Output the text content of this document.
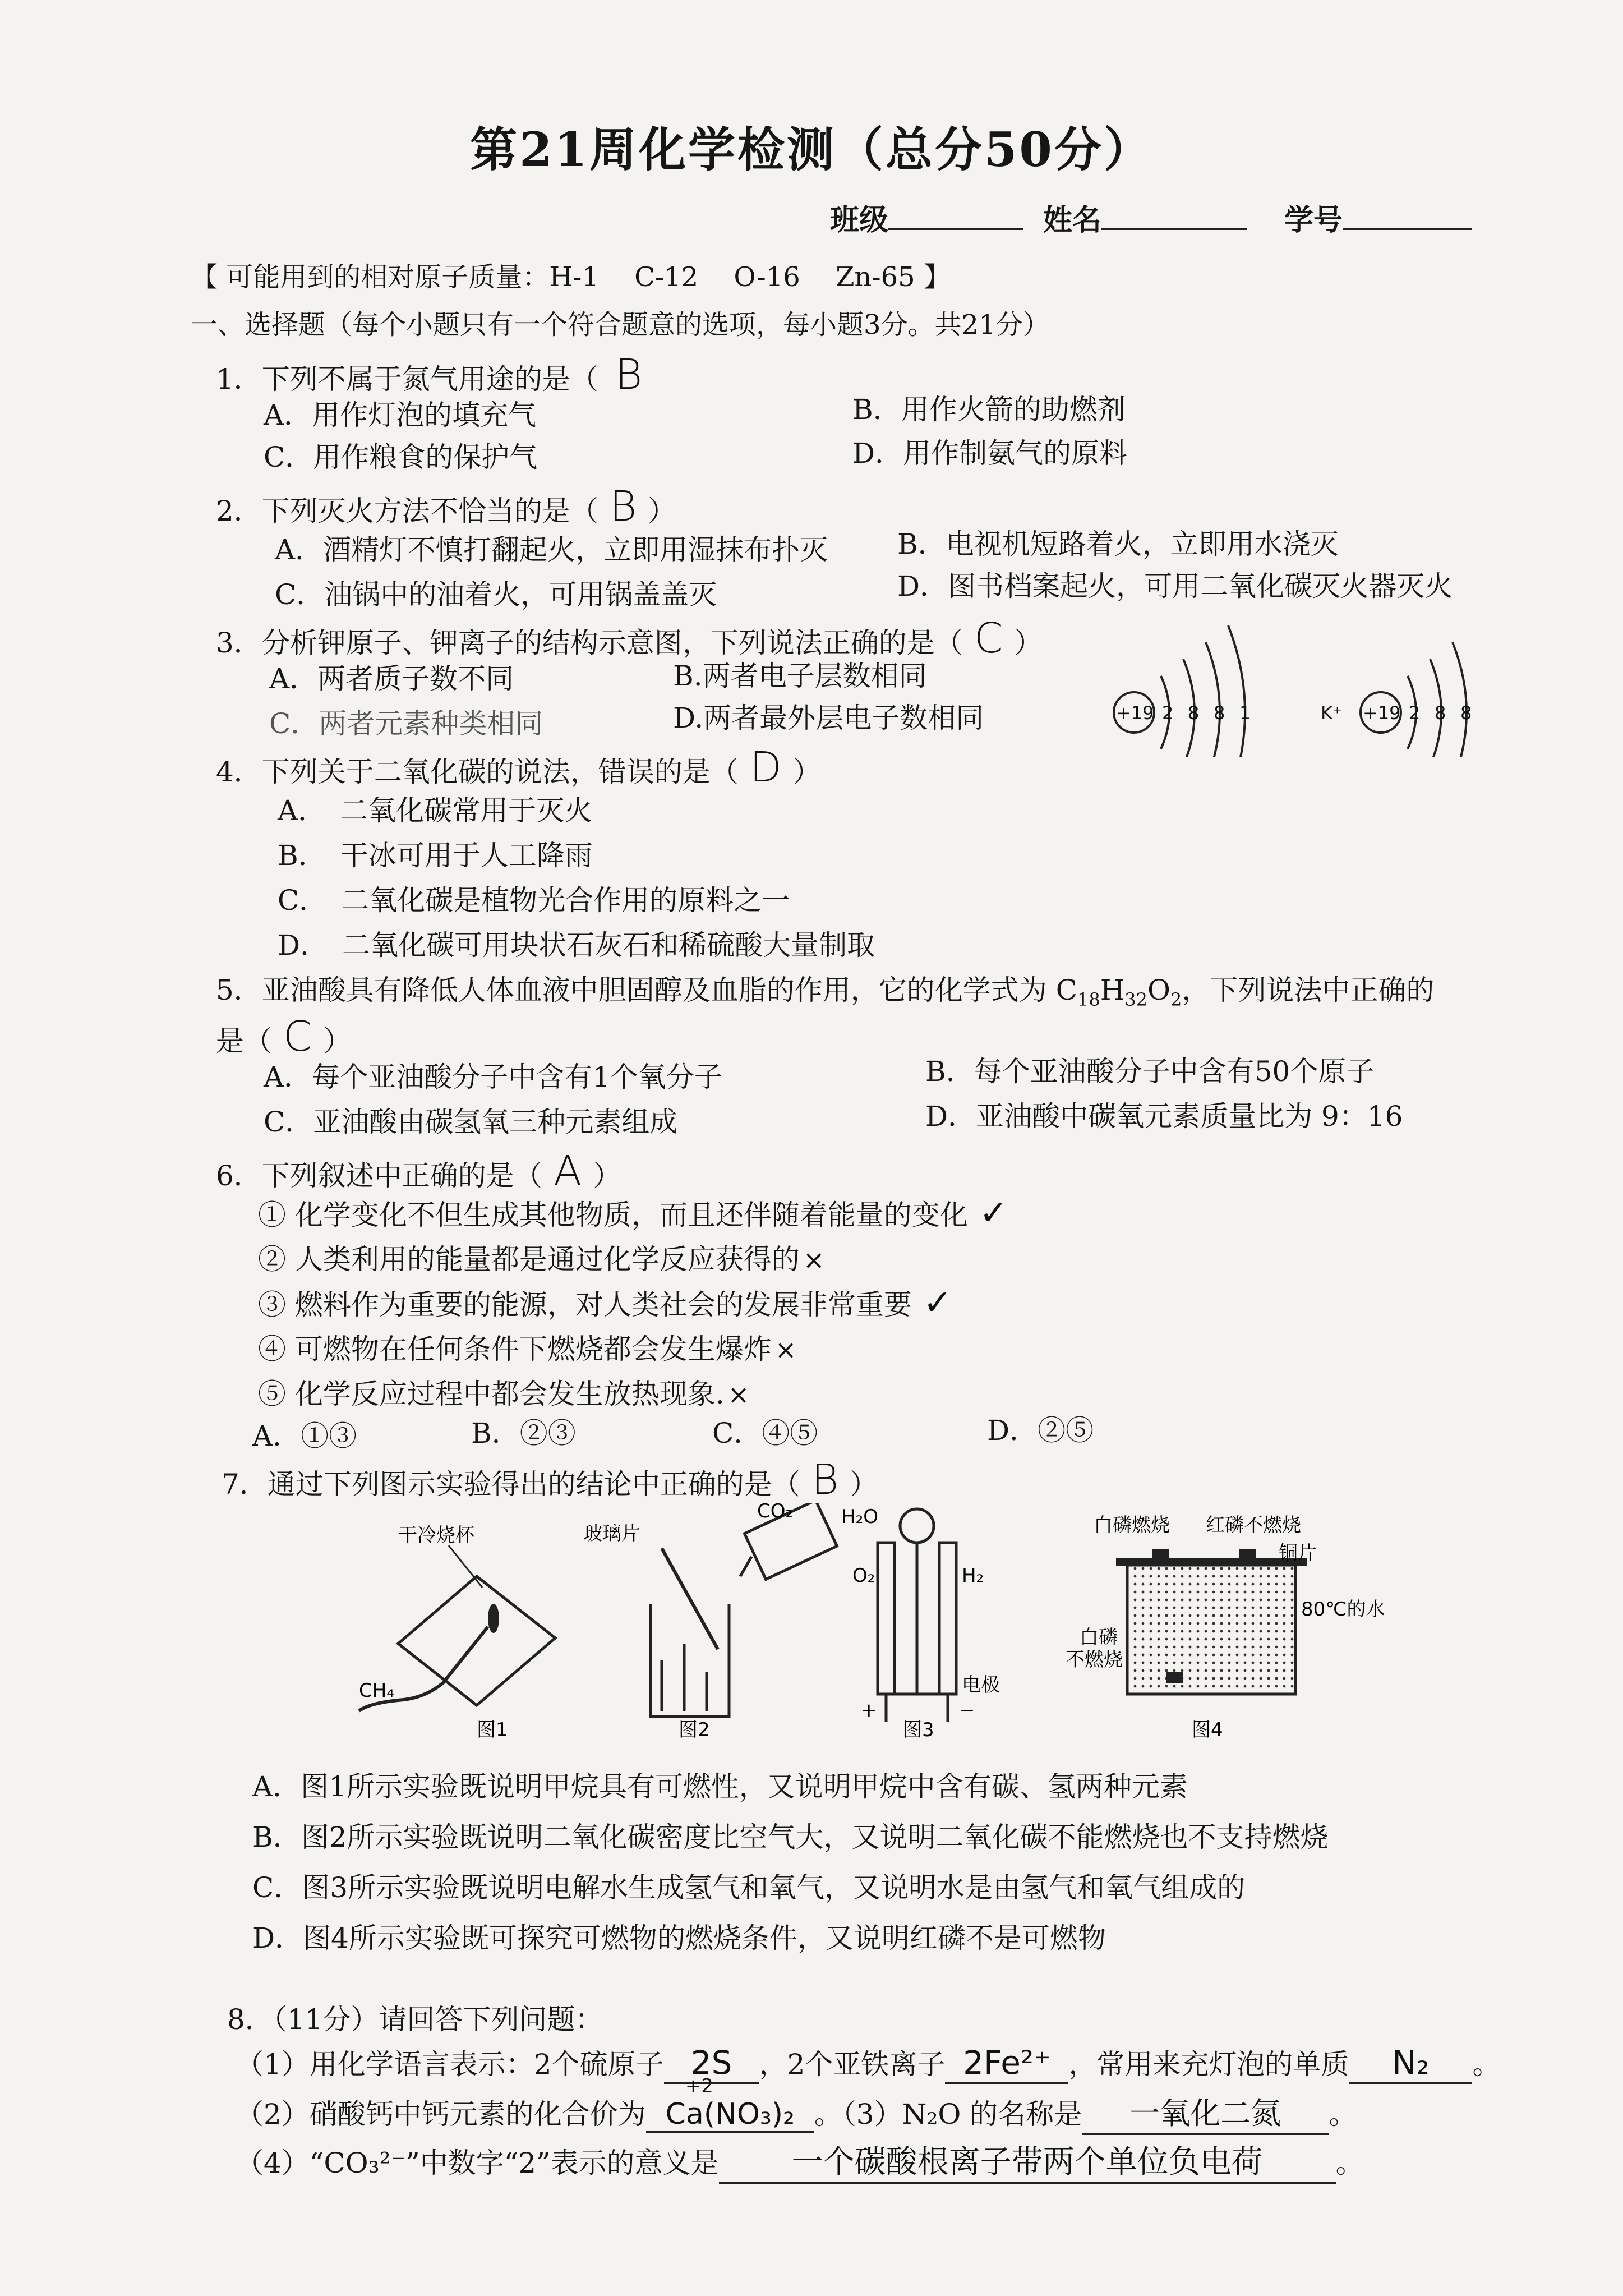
第21周化学检测（总分50分）
班级	姓名	学号
【 可能用到的相对原子质量：H-1　 C-12　 O-16　 Zn-65 】
一、选择题（每个小题只有一个符合题意的选项，每小题3分。共21分）
1．下列不属于氮气用途的是（ B
A．用作灯泡的填充气	B．用作火箭的助燃剂
C．用作粮食的保护气	D．用作制氨气的原料
2．下列灭火方法不恰当的是（ B ）
A．酒精灯不慎打翻起火，立即用湿抹布扑灭 B．电视机短路着火，立即用水浇灭
C．油锅中的油着火，可用锅盖盖灭	D．图书档案起火，可用二氧化碳灭火器灭火
3．分析钾原子、钾离子的结构示意图，下列说法正确的是（ C ）
A．两者质子数不同	B.两者电子层数相同
C．两者元素种类相同	D.两者最外层电子数相同	+19 2 8 8 1	K⁺ +19 2 8 8
4．下列关于二氧化碳的说法，错误的是（ D ）
A．　二氧化碳常用于灭火
B．　干冰可用于人工降雨
C．　二氧化碳是植物光合作用的原料之一
D．　二氧化碳可用块状石灰石和稀硫酸大量制取
5．亚油酸具有降低人体血液中胆固醇及血脂的作用，它的化学式为 $C_{18}H_{32}O_2$，下列说法中正确的
是（ C ）
A．每个亚油酸分子中含有1个氧分子	B．每个亚油酸分子中含有50个原子
C．亚油酸由碳氢氧三种元素组成	D．亚油酸中碳氧元素质量比为 9：16
6．下列叙述中正确的是（ A ）
① 化学变化不但生成其他物质，而且还伴随着能量的变化 ✓
② 人类利用的能量都是通过化学反应获得的 ×
③ 燃料作为重要的能源，对人类社会的发展非常重要 ✓
④ 可燃物在任何条件下燃烧都会发生爆炸 ×
⑤ 化学反应过程中都会发生放热现象. ×
A．①③	B．②③	C．④⑤	D．②⑤
7．通过下列图示实验得出的结论中正确的是（ B ）
干冷烧杯
CH₄
图1
玻璃片
CO₂
图2
H₂O
O₂	H₂
电极
+	−
图3
白磷燃烧 红磷不燃烧
铜片
80℃的水
白磷
不燃烧
图4
A．图1所示实验既说明甲烷具有可燃性，又说明甲烷中含有碳、氢两种元素
B．图2所示实验既说明二氧化碳密度比空气大，又说明二氧化碳不能燃烧也不支持燃烧
C．图3所示实验既说明电解水生成氢气和氧气，又说明水是由氢气和氧气组成的
D．图4所示实验既可探究可燃物的燃烧条件，又说明红磷不是可燃物
8．（11分）请回答下列问题：
（1）用化学语言表示：2个硫原子 2S ，2个亚铁离子 2Fe²⁺ ，常用来充灯泡的单质 N₂ 。
（2）硝酸钙中钙元素的化合价为
+2
Ca(NO₃)₂ 。（3）N₂O 的名称是 一氧化二氮 。
（4）“CO₃²⁻”中数字“2”表示的意义是 一个碳酸根离子带两个单位负电荷	。
